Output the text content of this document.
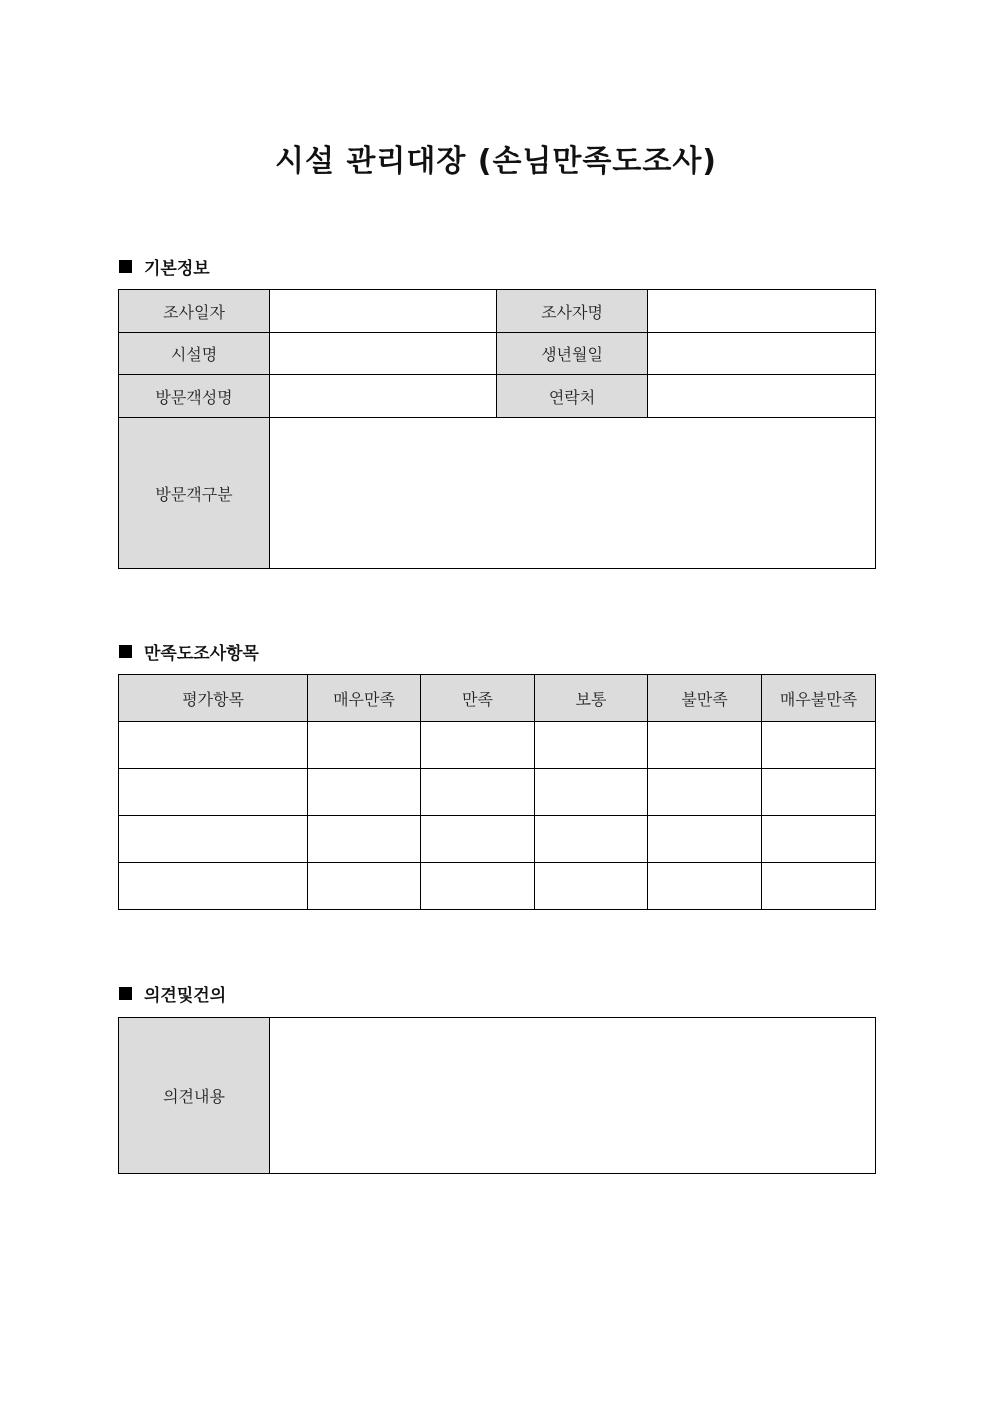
시설 관리대장 (손님만족도조사)
기본정보
조사일자		조사자명	
시설명		생년월일	
방문객성명		연락처	
방문객구분			
만족도조사항목
평가항목	매우만족	만족	보통	불만족	매우불만족

의견및건의
의견내용	
